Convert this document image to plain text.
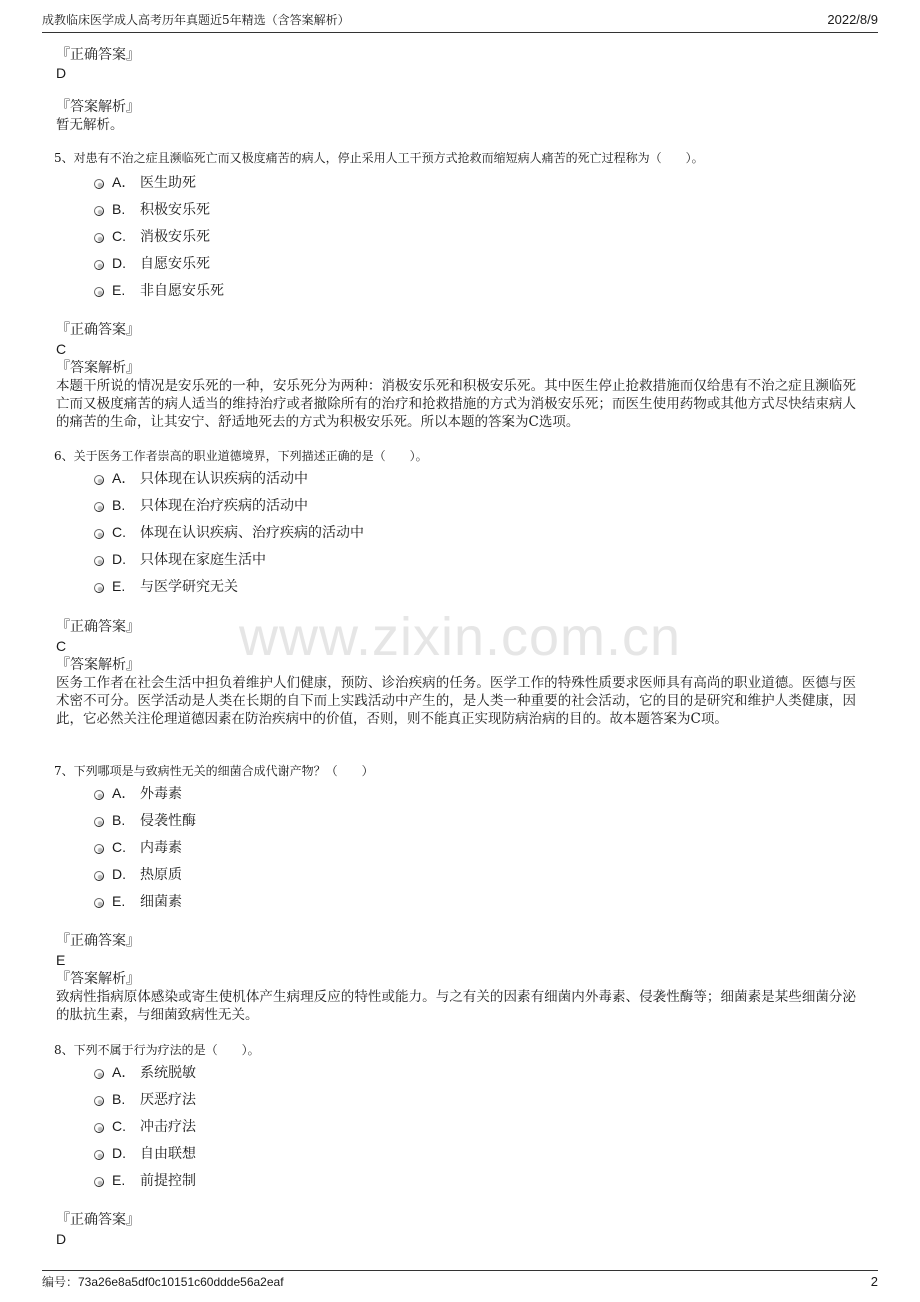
成教临床医学成人高考历年真题近5年精选（含答案解析）	2022/8/9
www.zixin.com.cn
『正确答案』
D
『答案解析』
暂无解析。
5、对患有不治之症且濒临死亡而又极度痛苦的病人，停止采用人工干预方式抢救而缩短病人痛苦的死亡过程称为（　　）。
A． 医生助死
B.	积极安乐死
C.	消极安乐死
D.	自愿安乐死
E.	非自愿安乐死
『正确答案』
C
『答案解析』
本题干所说的情况是安乐死的一种，安乐死分为两种：消极安乐死和积极安乐死。其中医生停止抢救措施而仅给患有不治之症且濒临死亡而又极度痛苦的病人适当的维持治疗或者撤除所有的治疗和抢救措施的方式为消极安乐死；而医生使用药物或其他方式尽快结束病人的痛苦的生命，让其安宁、舒适地死去的方式为积极安乐死。所以本题的答案为C选项。
6、关于医务工作者崇高的职业道德境界，下列描述正确的是（　　）。
A． 只体现在认识疾病的活动中
B.	只体现在治疗疾病的活动中
C.	体现在认识疾病、治疗疾病的活动中
D.	只体现在家庭生活中
E.	与医学研究无关
『正确答案』
C
『答案解析』
医务工作者在社会生活中担负着维护人们健康，预防、诊治疾病的任务。医学工作的特殊性质要求医师具有高尚的职业道德。医德与医术密不可分。医学活动是人类在长期的自下而上实践活动中产生的，是人类一种重要的社会活动，它的目的是研究和维护人类健康，因此，它必然关注伦理道德因素在防治疾病中的价值，否则，则不能真正实现防病治病的目的。故本题答案为C项。
7、下列哪项是与致病性无关的细菌合成代谢产物？（　　）
A． 外毒素
B.	侵袭性酶
C.	内毒素
D.	热原质
E.	细菌素
『正确答案』
E
『答案解析』
致病性指病原体感染或寄生使机体产生病理反应的特性或能力。与之有关的因素有细菌内外毒素、侵袭性酶等；细菌素是某些细菌分泌的肽抗生素，与细菌致病性无关。
8、下列不属于行为疗法的是（　　）。
A． 系统脱敏
B.	厌恶疗法
C.	冲击疗法
D.	自由联想
E.	前提控制
『正确答案』
D
编号：73a26e8a5df0c10151c60ddde56a2eaf	2
